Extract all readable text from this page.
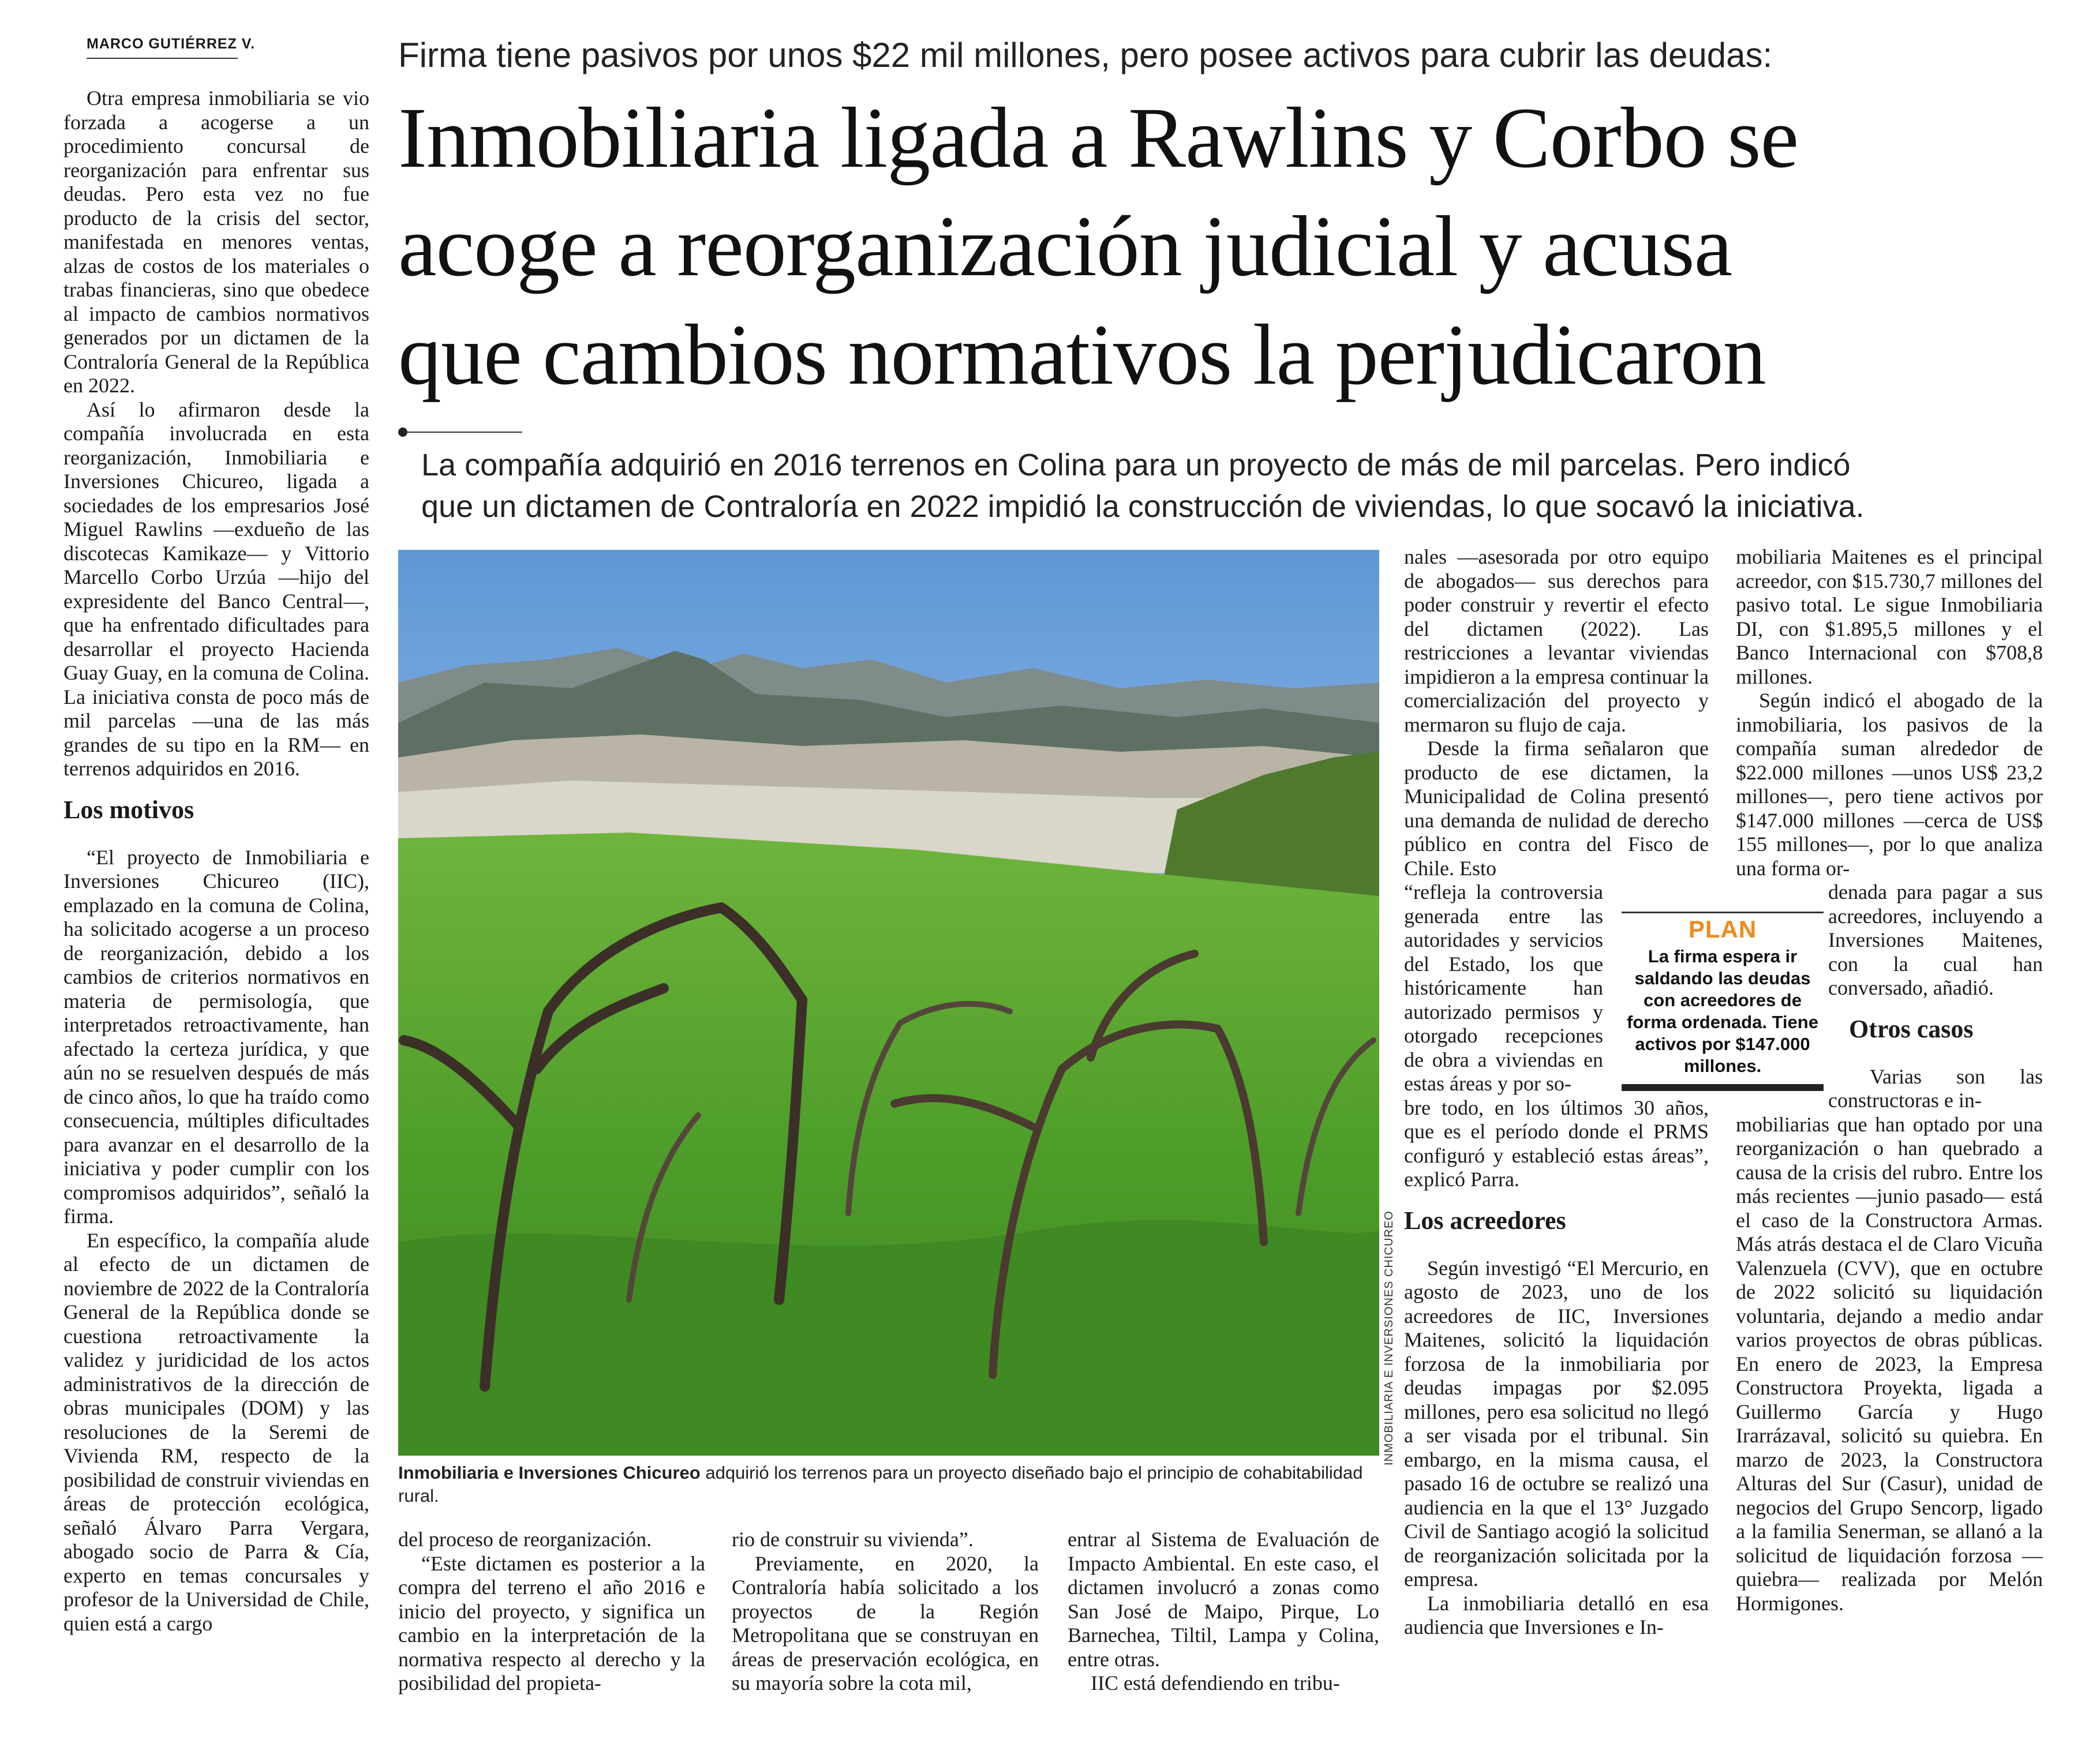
MARCO GUTIÉRREZ V.

Otra empresa inmobiliaria se vio forzada a acogerse a un procedimiento concursal de reorganización para enfrentar sus deudas. Pero esta vez no fue producto de la crisis del sector, manifestada en menores ventas, alzas de costos de los materiales o trabas financieras, sino que obedece al impacto de cambios normativos generados por un dictamen de la Contraloría General de la República en 2022.

Así lo afirmaron desde la compañía involucrada en esta reorganización, Inmobiliaria e Inversiones Chicureo, ligada a sociedades de los empresarios José Miguel Rawlins —exdueño de las discotecas Kamikaze— y Vittorio Marcello Corbo Urzúa —hijo del expresidente del Banco Central—, que ha enfrentado dificultades para desarrollar el proyecto Hacienda Guay Guay, en la comuna de Colina. La iniciativa consta de poco más de mil parcelas —una de las más grandes de su tipo en la RM— en terrenos adquiridos en 2016.

Los motivos

“El proyecto de Inmobiliaria e Inversiones Chicureo (IIC), emplazado en la comuna de Colina, ha solicitado acogerse a un proceso de reorganización, debido a los cambios de criterios normativos en materia de permisología, que interpretados retroactivamente, han afectado la certeza jurídica, y que aún no se resuelven después de más de cinco años, lo que ha traído como consecuencia, múltiples dificultades para avanzar en el desarrollo de la iniciativa y poder cumplir con los compromisos adquiridos”, señaló la firma.

En específico, la compañía alude al efecto de un dictamen de noviembre de 2022 de la Contraloría General de la República donde se cuestiona retroactivamente la validez y juridicidad de los actos administrativos de la dirección de obras municipales (DOM) y las resoluciones de la Seremi de Vivienda RM, respecto de la posibilidad de construir viviendas en áreas de protección ecológica, señaló Álvaro Parra Vergara, abogado socio de Parra & Cía, experto en temas concursales y profesor de la Universidad de Chile, quien está a cargo

Firma tiene pasivos por unos $22 mil millones, pero posee activos para cubrir las deudas:
Inmobiliaria ligada a Rawlins y Corbo se
acoge a reorganización judicial y acusa
que cambios normativos la perjudicaron
La compañía adquirió en 2016 terrenos en Colina para un proyecto de más de mil parcelas. Pero indicó
que un dictamen de Contraloría en 2022 impidió la construcción de viviendas, lo que socavó la iniciativa.
INMOBILIARIA E INVERSIONES CHICUREO
Inmobiliaria e Inversiones Chicureo adquirió los terrenos para un proyecto diseñado bajo el principio de cohabitabilidad rural.

del proceso de reorganización.

“Este dictamen es posterior a la compra del terreno el año 2016 e inicio del proyecto, y significa un cambio en la interpretación de la normativa respecto al derecho y la posibilidad del propieta-

rio de construir su vivienda”.

Previamente, en 2020, la Contraloría había solicitado a los proyectos de la Región Metropolitana que se construyan en áreas de preservación ecológica, en su mayoría sobre la cota mil,

entrar al Sistema de Evaluación de Impacto Ambiental. En este caso, el dictamen involucró a zonas como San José de Maipo, Pirque, Lo Barnechea, Tiltil, Lampa y Colina, entre otras.

IIC está defendiendo en tribu-

nales —asesorada por otro equipo de abogados— sus derechos para poder construir y revertir el efecto del dictamen (2022). Las restricciones a levantar viviendas impidieron a la empresa continuar la comercialización del proyecto y mermaron su flujo de caja.

Desde la firma señalaron que producto de ese dictamen, la Municipalidad de Colina presentó una demanda de nulidad de derecho público en contra del Fisco de Chile. Esto

“refleja la controversia generada entre las autoridades y servicios del Estado, los que históricamente han autorizado permisos y otorgado recepciones de obra a viviendas en estas áreas y por so-

bre todo, en los últimos 30 años, que es el período donde el PRMS configuró y estableció estas áreas”, explicó Parra.

Los acreedores

Según investigó “El Mercurio, en agosto de 2023, uno de los acreedores de IIC, Inversiones Maitenes, solicitó la liquidación forzosa de la inmobiliaria por deudas impagas por $2.095 millones, pero esa solicitud no llegó a ser visada por el tribunal. Sin embargo, en la misma causa, el pasado 16 de octubre se realizó una audiencia en la que el 13° Juzgado Civil de Santiago acogió la solicitud de reorganización solicitada por la empresa.

La inmobiliaria detalló en esa audiencia que Inversiones e In-

PLAN
La firma espera ir saldando las deudas con acreedores de forma ordenada. Tiene activos por $147.000 millones.

mobiliaria Maitenes es el principal acreedor, con $15.730,7 millones del pasivo total. Le sigue Inmobiliaria DI, con $1.895,5 millones y el Banco Internacional con $708,8 millones.

Según indicó el abogado de la inmobiliaria, los pasivos de la compañía suman alrededor de $22.000 millones —unos US$ 23,2 millones—, pero tiene activos por $147.000 millones —cerca de US$ 155 millones—, por lo que analiza una forma or-

denada para pagar a sus acreedores, incluyendo a Inversiones Maitenes, con la cual han conversado, añadió.

Otros casos

Varias son las constructoras e in-

mobiliarias que han optado por una reorganización o han quebrado a causa de la crisis del rubro. Entre los más recientes —junio pasado— está el caso de la Constructora Armas. Más atrás destaca el de Claro Vicuña Valenzuela (CVV), que en octubre de 2022 solicitó su liquidación voluntaria, dejando a medio andar varios proyectos de obras públicas. En enero de 2023, la Empresa Constructora Proyekta, ligada a Guillermo García y Hugo Irarrázaval, solicitó su quiebra. En marzo de 2023, la Constructora Alturas del Sur (Casur), unidad de negocios del Grupo Sencorp, ligado a la familia Senerman, se allanó a la solicitud de liquidación forzosa —quiebra— realizada por Melón Hormigones.
